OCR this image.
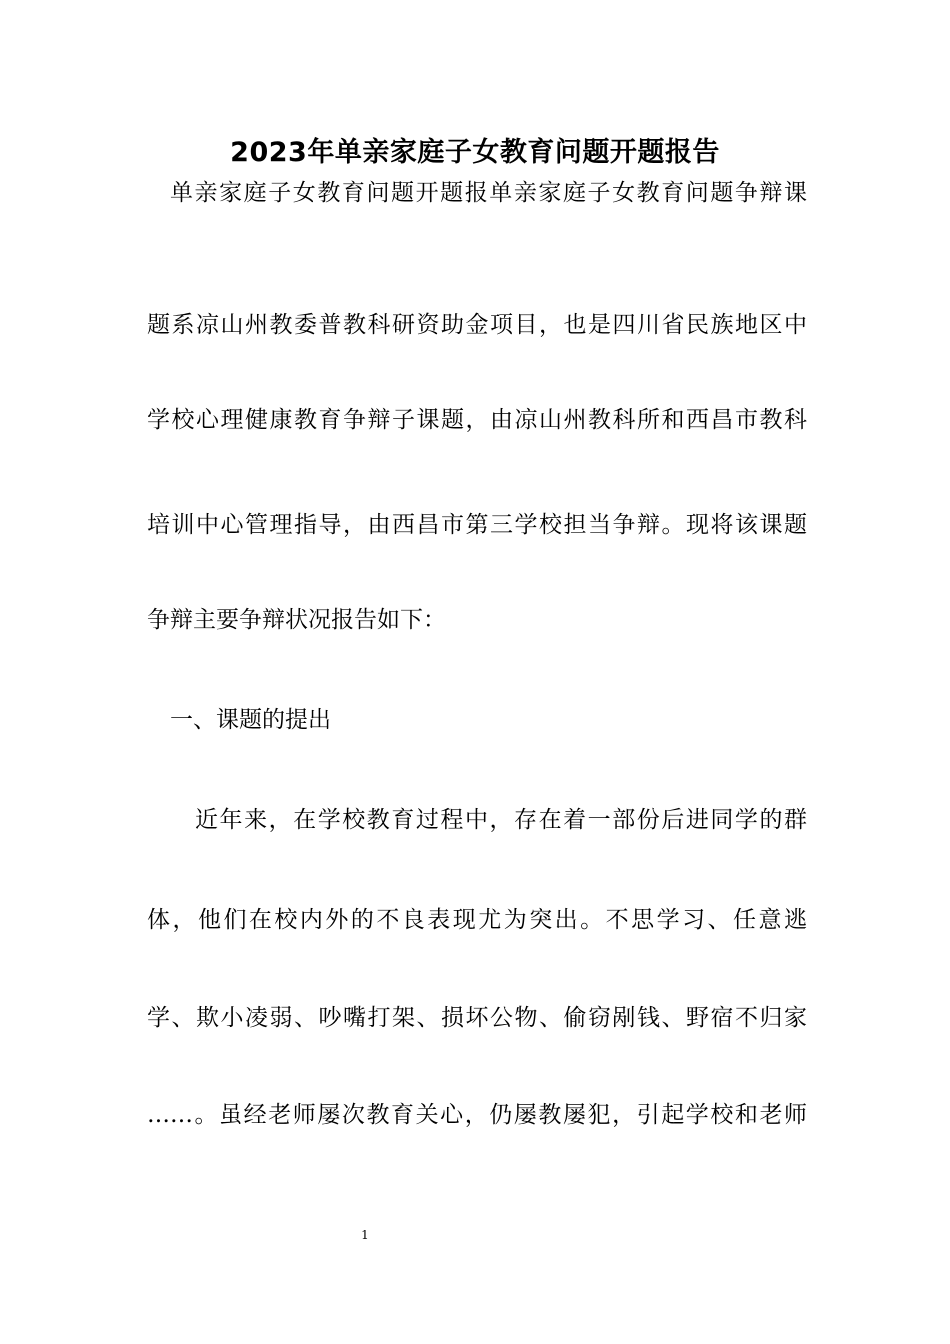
2023年单亲家庭子女教育问题开题报告
单亲家庭子女教育问题开题报单亲家庭子女教育问题争辩课
题系凉山州教委普教科研资助金项目，也是四川省民族地区中
学校心理健康教育争辩子课题，由凉山州教科所和西昌市教科
培训中心管理指导，由西昌市第三学校担当争辩。现将该课题
争辩主要争辩状况报告如下：
一、课题的提出
近年来，在学校教育过程中，存在着一部份后进同学的群
体，他们在校内外的不良表现尤为突出。不思学习、任意逃
学、欺小凌弱、吵嘴打架、损坏公物、偷窃剐钱、野宿不归家
……。虽经老师屡次教育关心，仍屡教屡犯，引起学校和老师
1
